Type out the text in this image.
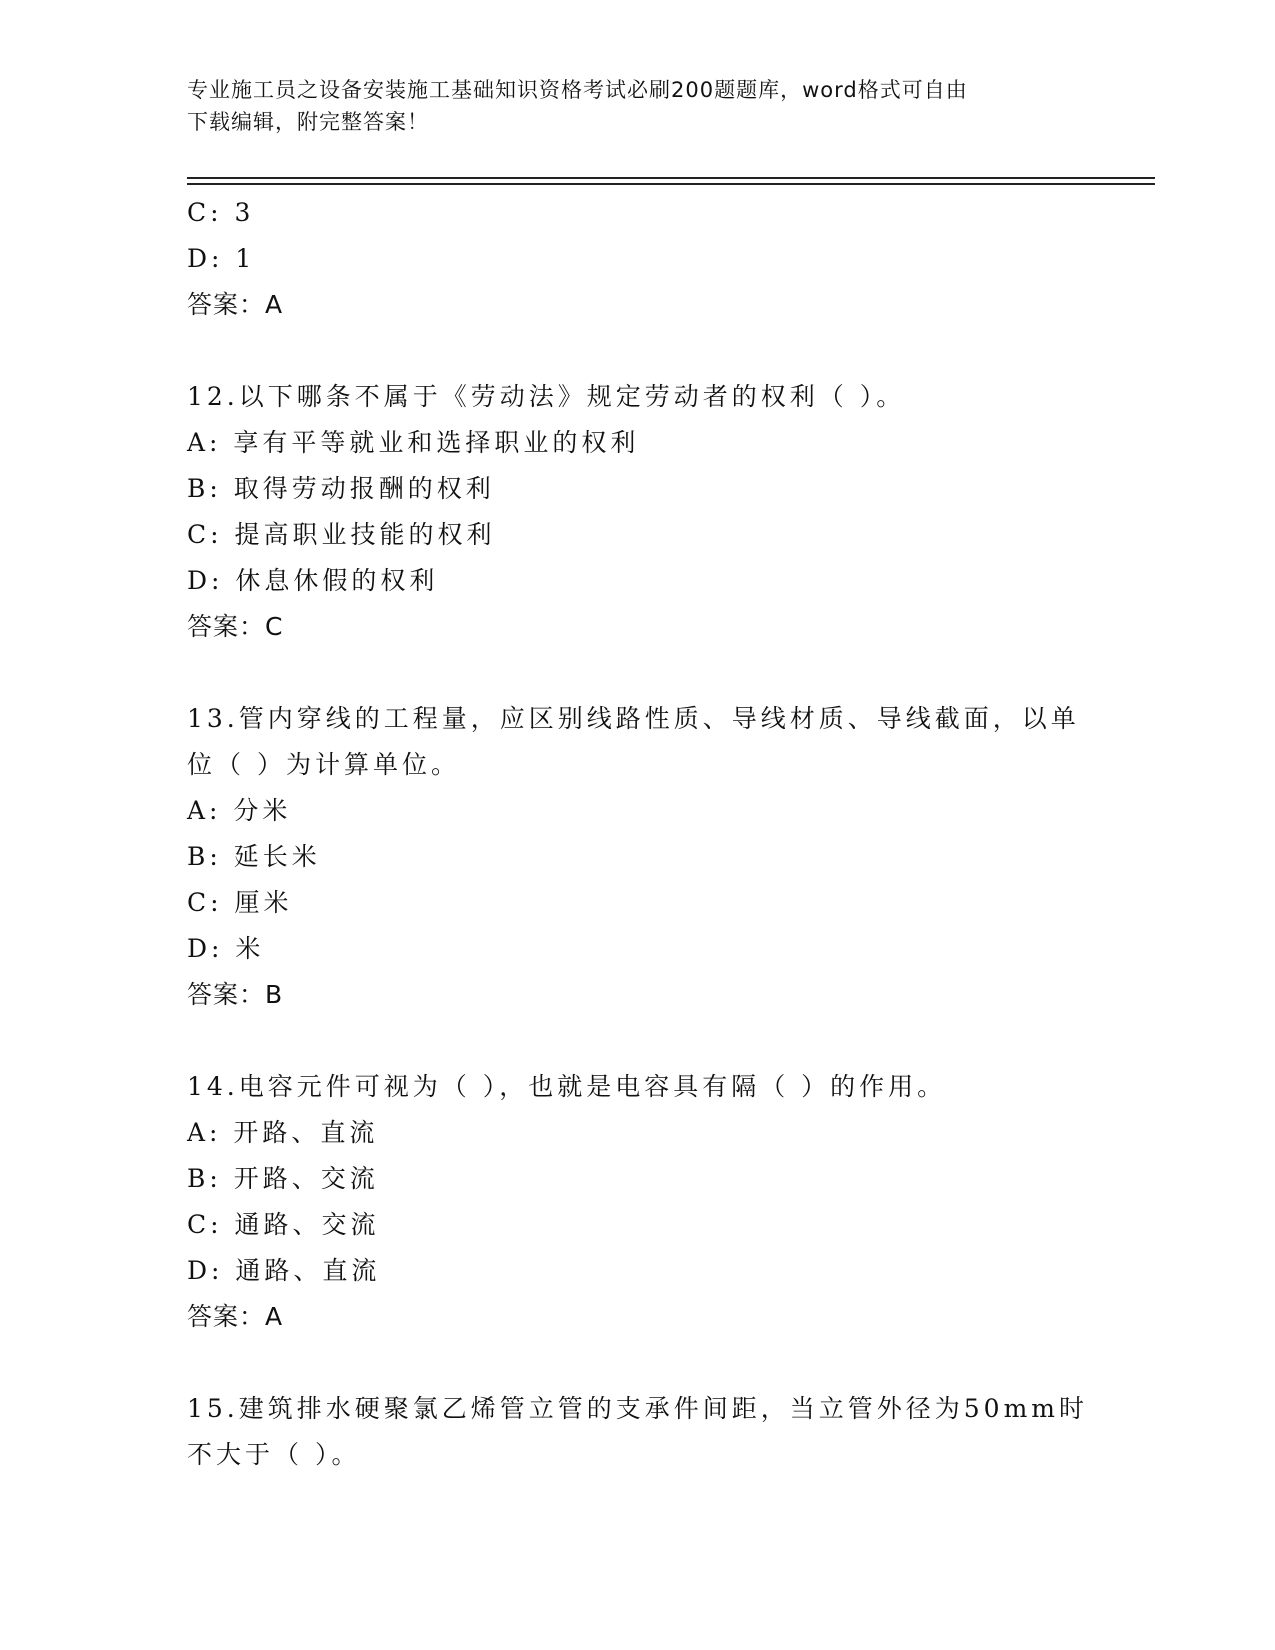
专业施工员之设备安装施工基础知识资格考试必刷200题题库，word格式可自由
下载编辑，附完整答案！
C: 3
D: 1
答案：A
12.以下哪条不属于《劳动法》规定劳动者的权利（ ）。
A: 享有平等就业和选择职业的权利
B: 取得劳动报酬的权利
C: 提高职业技能的权利
D: 休息休假的权利
答案：C
13.管内穿线的工程量，应区别线路性质、导线材质、导线截面，以单
位（ ）为计算单位。
A: 分米
B: 延长米
C: 厘米
D: 米
答案：B
14.电容元件可视为（ ），也就是电容具有隔（ ）的作用。
A: 开路、直流
B: 开路、交流
C: 通路、交流
D: 通路、直流
答案：A
15.建筑排水硬聚氯乙烯管立管的支承件间距，当立管外径为50mm时
不大于（ ）。
